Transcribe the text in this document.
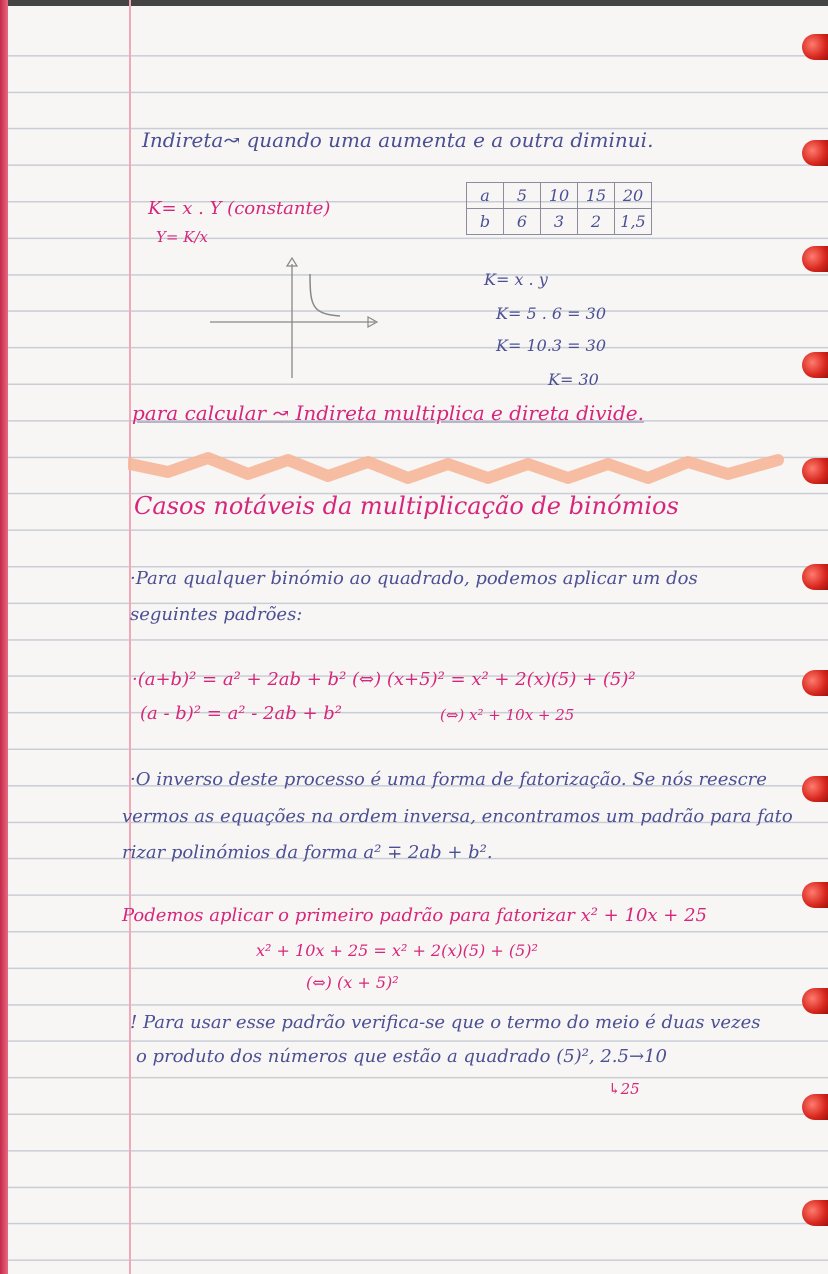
Indireta↝ quando uma aumenta e a outra diminui.
K= x . Y (constante)
Y= K/x
a	5	10	15	20
b	6	3	2	1,5
K= x . y
K= 5 . 6 = 30
K= 10.3 = 30
K= 30
para calcular ↝ Indireta multiplica e direta divide.
Casos notáveis da multiplicação de binómios
·Para qualquer binómio ao quadrado, podemos aplicar um dos
seguintes padrões:
·(a+b)² = a² + 2ab + b² (⇔) (x+5)² = x² + 2(x)(5) + (5)²
(a - b)² = a² - 2ab + b²	(⇔) x² + 10x + 25
·O inverso deste processo é uma forma de fatorização. Se nós reescre
vermos as equações na ordem inversa, encontramos um padrão para fato
rizar polinómios da forma a² ∓ 2ab + b².
Podemos aplicar o primeiro padrão para fatorizar x² + 10x + 25
x² + 10x + 25 = x² + 2(x)(5) + (5)²
(⇔) (x + 5)²
! Para usar esse padrão verifica-se que o termo do meio é duas vezes
o produto dos números que estão a quadrado (5)², 2.5→10
↳25
